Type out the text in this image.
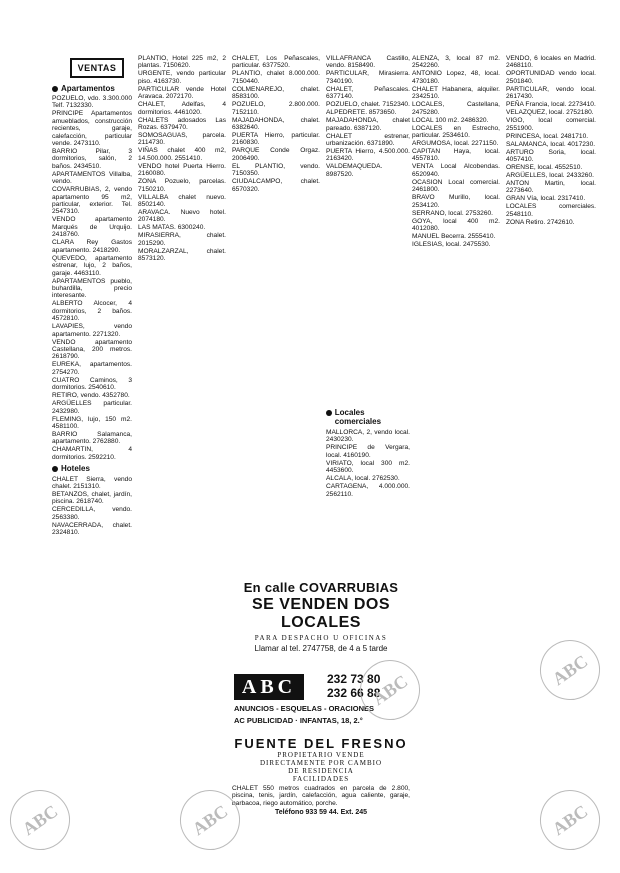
VENTAS
Apartamentos

POZUELO, vdo. 3.300.000 Telf. 7132330.

PRINCIPE Apartamentos amueblados, construcción recientes, garaje, calefacción, particular vende. 2473110.

BARRIO Pilar, 3 dormitorios, salón, 2 baños. 2434510.

APARTAMENTOS Villalba, vendo.

COVARRUBIAS, 2, vendo apartamento 95 m2, particular, exterior. Tel. 2547310.

VENDO apartamento Marqués de Urquijo. 2418760.

CLARA Rey Gastos apartamento. 2418290.

QUEVEDO, apartamento estrenar, lujo, 2 baños, garaje. 4463110.

APARTAMENTOS pueblo, buhardilla, precio interesante.

ALBERTO Alcocer, 4 dormitorios, 2 baños. 4572810.

LAVAPIES, vendo apartamento. 2271320.

VENDO apartamento Castellana, 200 metros. 2618790.

EUREKA, apartamentos. 2754270.

CUATRO Caminos, 3 dormitorios. 2540610.

RETIRO, vendo. 4352780.

ARGÜELLES particular. 2432980.

FLEMING, lujo, 150 m2. 4581100.

BARRIO Salamanca, apartamento. 2762880.

CHAMARTIN, 4 dormitorios. 2592210.

Hoteles

CHALET Sierra, vendo chalet. 2151310.

BETANZOS, chalet, jardín, piscina. 2618740.

CERCEDILLA, vendo. 2563380.

NAVACERRADA, chalet. 2324810.

PLANTIO, Hotel 225 m2, 2 plantas. 7150620.

URGENTE, vendo particular piso. 4163730.

PARTICULAR vende Hotel Aravaca. 2072170.

CHALET, Adelfas, 4 dormitorios. 4461020.

CHALETS adosados Las Rozas. 6379470.

SOMOSAGUAS, parcela. 2114730.

VIÑAS chalet 400 m2, 14.500.000. 2551410.

VENDO hotel Puerta Hierro. 2160080.

ZONA Pozuelo, parcelas. 7150210.

VILLALBA chalet nuevo. 8502140.

ARAVACA. Nuevo hotel. 2074180.

LAS MATAS. 6300240.

MIRASIERRA, chalet. 2015290.

MORALZARZAL, chalet. 8573120.

CHALET, Los Peñascales, particular. 6377520.

PLANTIO, chalet 8.000.000. 7150440.

COLMENAREJO, chalet. 8583100.

POZUELO, 2.800.000. 7152110.

MAJADAHONDA, chalet. 6382640.

PUERTA Hierro, particular. 2160830.

PARQUE Conde Orgaz. 2006490.

EL PLANTIO, vendo. 7150350.

CIUDALCAMPO, chalet. 6570320.

VILLAFRANCA Castillo, vendo. 8158490.

PARTICULAR, Mirasierra. 7340190.

CHALET, Peñascales. 6377140.

POZUELO, chalet. 7152340.

ALPEDRETE. 8573650.

MAJADAHONDA, chalet pareado. 6387120.

CHALET estrenar, urbanización. 6371890.

PUERTA Hierro, 4.500.000. 2163420.

VALDEMAQUEDA. 8987520.

Locales comerciales

MALLORCA, 2, vendo local. 2430230.

PRINCIPE de Vergara, local. 4160190.

VIRIATO, local 300 m2. 4453600.

ALCALA, local. 2762530.

CARTAGENA, 4.000.000. 2562110.

ALENZA, 3, local 87 m2. 2542260.

ANTONIO Lopez, 48, local. 4730180.

CHALET Habanera, alquiler. 2342510.

LOCALES, Castellana, 2475280.

LOCAL 100 m2. 2486320.

LOCALES en Estrecho, particular. 2534610.

ARGUMOSA, local. 2271150.

CAPITAN Haya, local. 4557810.

VENTA Local Alcobendas. 6520940.

OCASION Local comercial. 2461800.

BRAVO Murillo, local. 2534120.

SERRANO, local. 2753260.

GOYA, local 400 m2. 4012080.

MANUEL Becerra. 2555410.

IGLESIAS, local. 2475530.

VENDO, 6 locales en Madrid. 2468110.

OPORTUNIDAD vendo local. 2501840.

PARTICULAR, vendo local. 2617430.

PEÑA Francia, local. 2273410.

VELAZQUEZ, local. 2752180.

VIGO, local comercial. 2551900.

PRINCESA, local. 2481710.

SALAMANCA, local. 4017230.

ARTURO Soria, local. 4057410.

ORENSE, local. 4552510.

ARGÜELLES, local. 2433260.

ANTON Martin, local. 2273640.

GRAN Vía, local. 2317410.

LOCALES comerciales. 2548110.

ZONA Retiro. 2742610.

En calle COVARRUBIAS
SE VENDEN DOS LOCALES
PARA DESPACHO U OFICINAS
Llamar al tel. 2747758, de 4 a 5 tarde
ABC	232 73 80
232 66 88
ANUNCIOS - ESQUELAS - ORACIONES
AC PUBLICIDAD · INFANTAS, 18, 2.°
FUENTE DEL FRESNO
PROPIETARIO VENDE
DIRECTAMENTE POR CAMBIO
DE RESIDENCIA
FACILIDADES
CHALET 550 metros cuadrados en parcela de 2.800, piscina, tenis, jardín, calefacción, agua caliente, garaje, barbacoa, riego automático, porche.
Teléfono 933 59 44. Ext. 245
ABC
ABC
ABC
ABC
ABC
